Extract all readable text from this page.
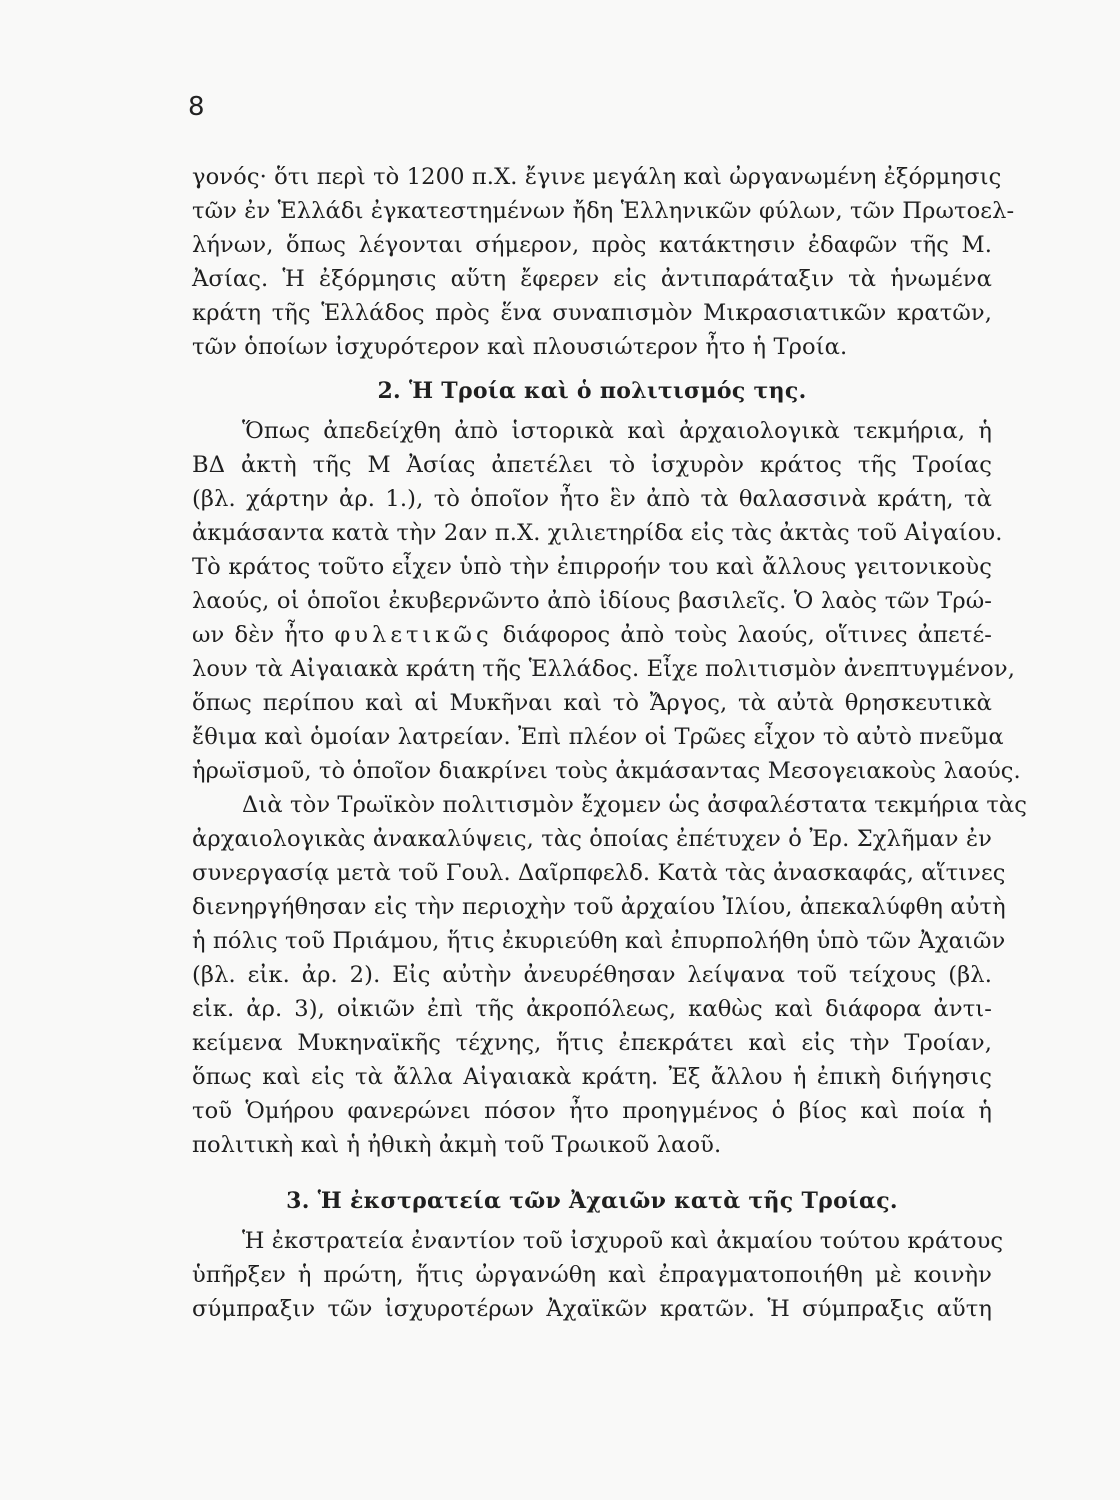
8
γονός· ὅτι περὶ τὸ 1200 π.Χ. ἔγινε μεγάλη καὶ ὠργανωμένη ἐξόρμησις
τῶν ἐν Ἑλλάδι ἐγκατεστημένων ἤδη Ἑλληνικῶν φύλων, τῶν Πρωτοελ-
λήνων, ὅπως λέγονται σήμερον, πρὸς κατάκτησιν ἐδαφῶν τῆς Μ.
Ἀσίας. Ἡ ἐξόρμησις αὕτη ἔφερεν εἰς ἀντιπαράταξιν τὰ ἡνωμένα
κράτη τῆς Ἑλλάδος πρὸς ἕνα συναπισμὸν Μικρασιατικῶν κρατῶν,
τῶν ὁποίων ἰσχυρότερον καὶ πλουσιώτερον ἦτο ἡ Τροία.
2. Ἡ Τροία καὶ ὁ πολιτισμός της.
Ὅπως ἀπεδείχθη ἀπὸ ἱστορικὰ καὶ ἀρχαιολογικὰ τεκμήρια, ἡ
ΒΔ ἀκτὴ τῆς Μ Ἀσίας ἀπετέλει τὸ ἰσχυρὸν κράτος τῆς Τροίας
(βλ. χάρτην ἀρ. 1.), τὸ ὁποῖον ἦτο ἓν ἀπὸ τὰ θαλασσινὰ κράτη, τὰ
ἀκμάσαντα κατὰ τὴν 2αν π.Χ. χιλιετηρίδα εἰς τὰς ἀκτὰς τοῦ Αἰγαίου.
Τὸ κράτος τοῦτο εἶχεν ὑπὸ τὴν ἐπιρροήν του καὶ ἄλλους γειτονικοὺς
λαούς, οἱ ὁποῖοι ἐκυβερνῶντο ἀπὸ ἰδίους βασιλεῖς. Ὁ λαὸς τῶν Τρώ-
ων δὲν ἦτο φυλετικῶς διάφορος ἀπὸ τοὺς λαούς, οἵτινες ἀπετέ-
λουν τὰ Αἰγαιακὰ κράτη τῆς Ἑλλάδος. Εἶχε πολιτισμὸν ἀνεπτυγμένον,
ὅπως περίπου καὶ αἱ Μυκῆναι καὶ τὸ Ἄργος, τὰ αὐτὰ θρησκευτικὰ
ἔθιμα καὶ ὁμοίαν λατρείαν. Ἐπὶ πλέον οἱ Τρῶες εἶχον τὸ αὐτὸ πνεῦμα
ἡρωϊσμοῦ, τὸ ὁποῖον διακρίνει τοὺς ἀκμάσαντας Μεσογειακοὺς λαούς.
Διὰ τὸν Τρωϊκὸν πολιτισμὸν ἔχομεν ὡς ἀσφαλέστατα τεκμήρια τὰς
ἀρχαιολογικὰς ἀνακαλύψεις, τὰς ὁποίας ἐπέτυχεν ὁ Ἐρ. Σχλῆμαν ἐν
συνεργασίᾳ μετὰ τοῦ Γουλ. Δαῖρπφελδ. Κατὰ τὰς ἀνασκαφάς, αἵτινες
διενηργήθησαν εἰς τὴν περιοχὴν τοῦ ἀρχαίου Ἰλίου, ἀπεκαλύφθη αὐτὴ
ἡ πόλις τοῦ Πριάμου, ἥτις ἐκυριεύθη καὶ ἐπυρπολήθη ὑπὸ τῶν Ἀχαιῶν
(βλ. εἰκ. ἀρ. 2). Εἰς αὐτὴν ἀνευρέθησαν λείψανα τοῦ τείχους (βλ.
εἰκ. ἀρ. 3), οἰκιῶν ἐπὶ τῆς ἀκροπόλεως, καθὼς καὶ διάφορα ἀντι-
κείμενα Μυκηναϊκῆς τέχνης, ἥτις ἐπεκράτει καὶ εἰς τὴν Τροίαν,
ὅπως καὶ εἰς τὰ ἄλλα Αἰγαιακὰ κράτη. Ἐξ ἄλλου ἡ ἐπικὴ διήγησις
τοῦ Ὁμήρου φανερώνει πόσον ἦτο προηγμένος ὁ βίος καὶ ποία ἡ
πολιτικὴ καὶ ἡ ἠθικὴ ἀκμὴ τοῦ Τρωικοῦ λαοῦ.
3. Ἡ ἐκστρατεία τῶν Ἀχαιῶν κατὰ τῆς Τροίας.
Ἡ ἐκστρατεία ἐναντίον τοῦ ἰσχυροῦ καὶ ἀκμαίου τούτου κράτους
ὑπῆρξεν ἡ πρώτη, ἥτις ὠργανώθη καὶ ἐπραγματοποιήθη μὲ κοινὴν
σύμπραξιν τῶν ἰσχυροτέρων Ἀχαϊκῶν κρατῶν. Ἡ σύμπραξις αὕτη
